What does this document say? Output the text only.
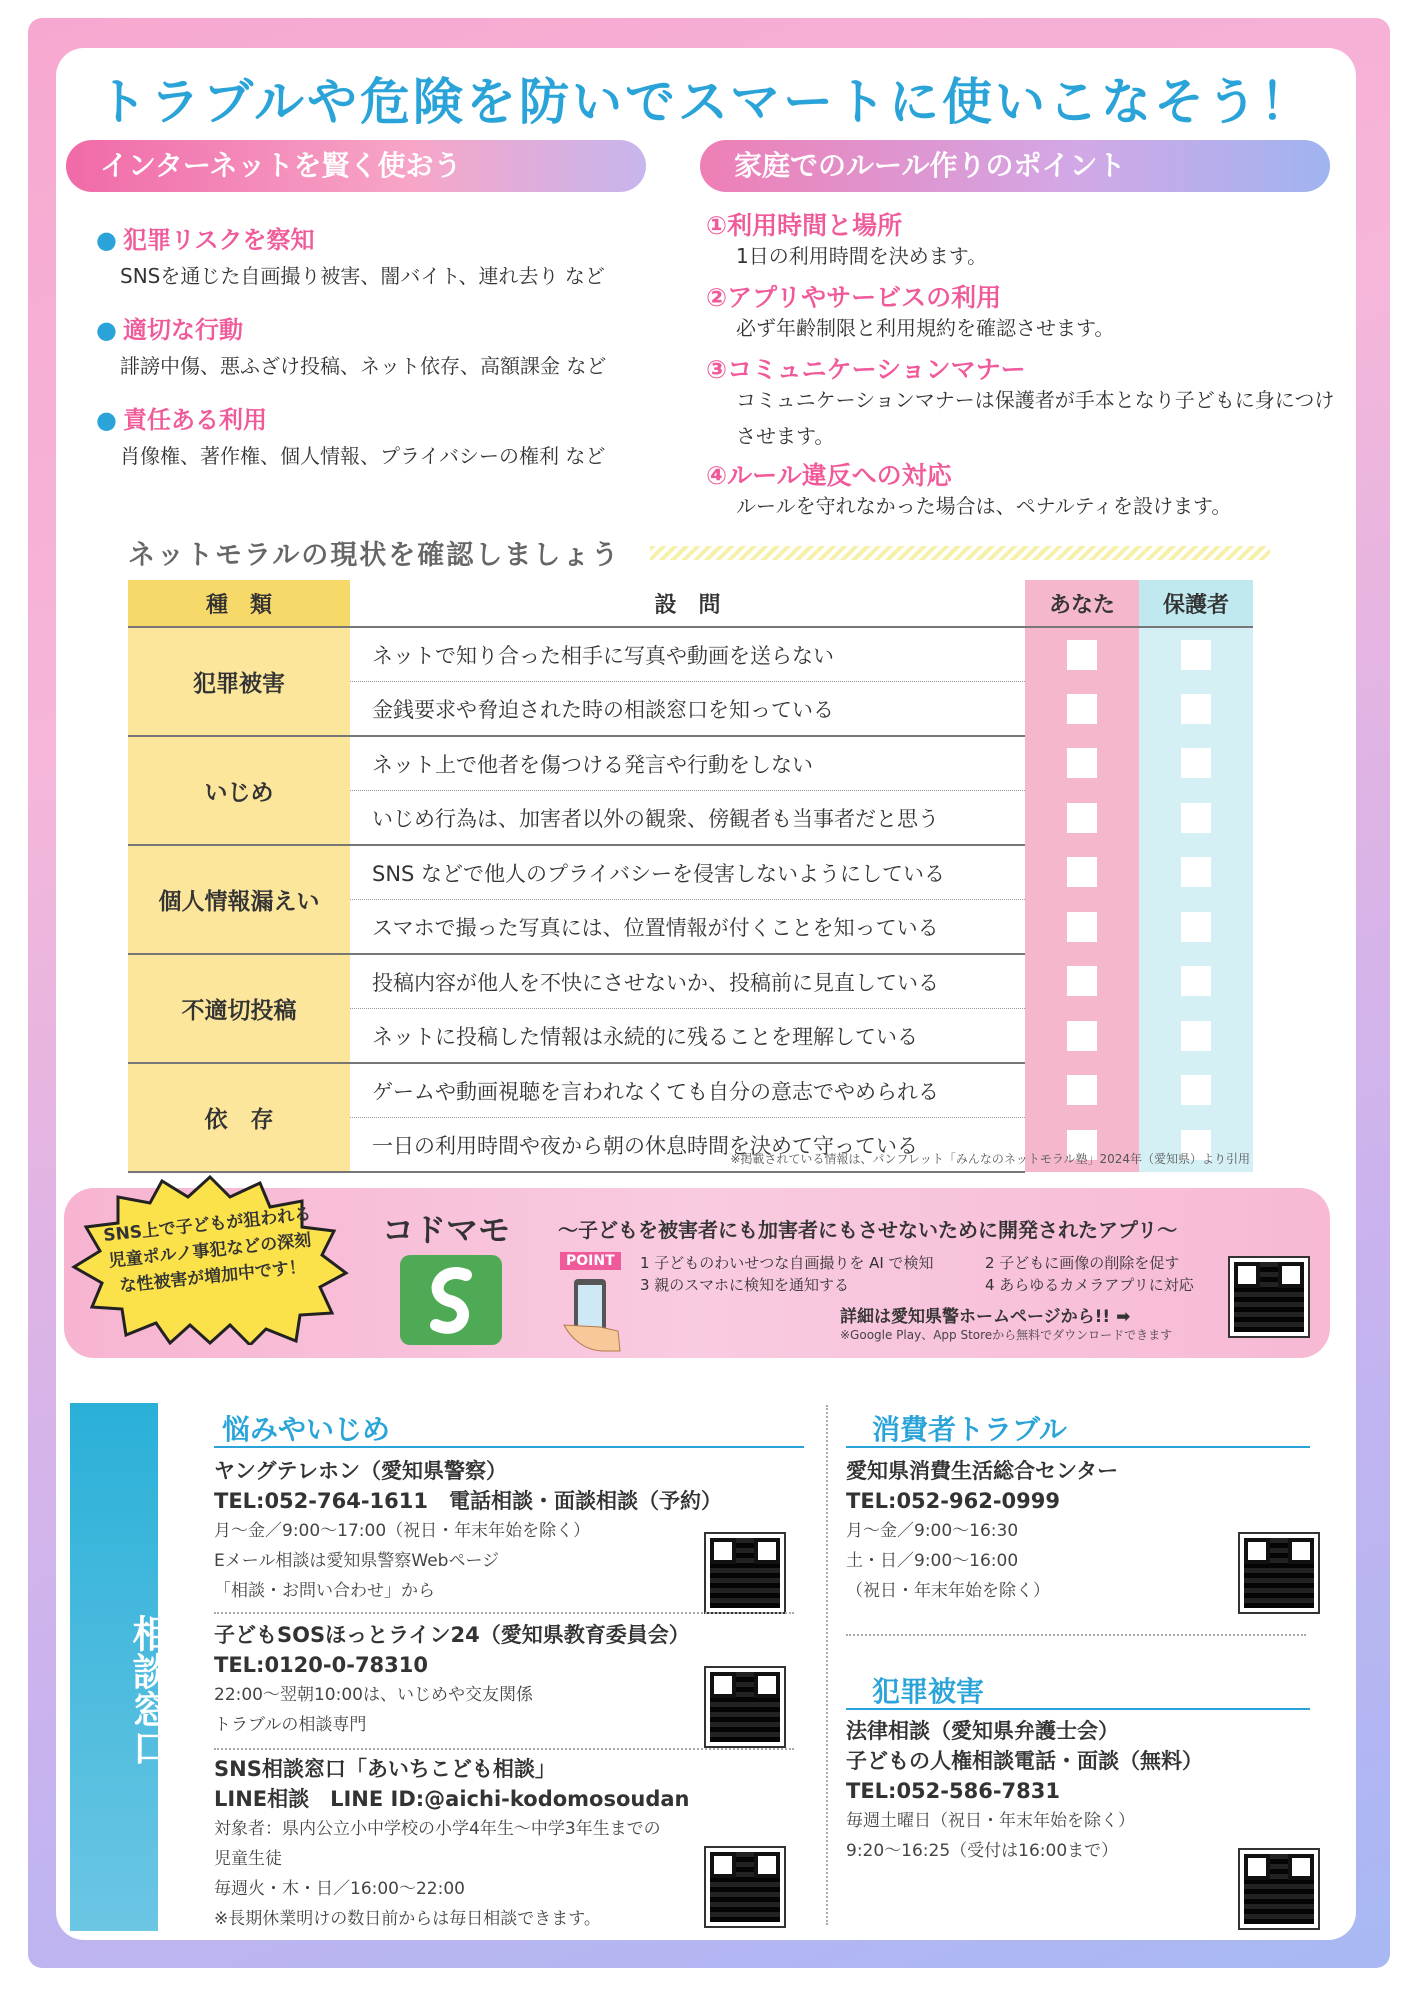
トラブルや危険を防いでスマートに使いこなそう！
インターネットを賢く使おう
● 犯罪リスクを察知
SNSを通じた自画撮り被害、闇バイト、連れ去り など
● 適切な行動
誹謗中傷、悪ふざけ投稿、ネット依存、高額課金 など
● 責任ある利用
肖像権、著作権、個人情報、プライバシーの権利 など
家庭でのルール作りのポイント
①利用時間と場所
1日の利用時間を決めます。
②アプリやサービスの利用
必ず年齢制限と利用規約を確認させます。
③コミュニケーションマナー
コミュニケーションマナーは保護者が手本となり子どもに身につけさせます。
④ルール違反への対応
ルールを守れなかった場合は、ペナルティを設けます。
ネットモラルの現状を確認しましょう
種　類	設　問	あなた	保護者
犯罪被害	ネットで知り合った相手に写真や動画を送らない		
	金銭要求や脅迫された時の相談窓口を知っている		
いじめ	ネット上で他者を傷つける発言や行動をしない		
	いじめ行為は、加害者以外の観衆、傍観者も当事者だと思う		
個人情報漏えい	SNS などで他人のプライバシーを侵害しないようにしている		
	スマホで撮った写真には、位置情報が付くことを知っている		
不適切投稿	投稿内容が他人を不快にさせないか、投稿前に見直している		
	ネットに投稿した情報は永続的に残ることを理解している		
依　存	ゲームや動画視聴を言われなくても自分の意志でやめられる		
	一日の利用時間や夜から朝の休息時間を決めて守っている		
※掲載されている情報は、パンフレット「みんなのネットモラル塾」2024年（愛知県）より引用
SNS上で子どもが狙われる児童ポルノ事犯などの深刻な性被害が増加中です！
コドマモ ～子どもを被害者にも加害者にもさせないために開発されたアプリ～
POINT	1 子どものわいせつな自画撮りを AI で検知	2 子どもに画像の削除を促す
3 親のスマホに検知を通知する	4 あらゆるカメラアプリに対応
詳細は愛知県警ホームページから!! ➡
※Google Play、App Storeから無料でダウンロードできます
相談窓口
悩みやいじめ
ヤングテレホン（愛知県警察）
TEL:052-764-1611　電話相談・面談相談（予約）
月～金／9:00～17:00（祝日・年末年始を除く）
Eメール相談は愛知県警察Webページ
「相談・お問い合わせ」から
子どもSOSほっとライン24（愛知県教育委員会）
TEL:0120-0-78310
22:00～翌朝10:00は、いじめや交友関係
トラブルの相談専門
SNS相談窓口「あいちこども相談」
LINE相談　LINE ID:@aichi-kodomosoudan
対象者：県内公立小中学校の小学4年生～中学3年生までの
児童生徒
毎週火・木・日／16:00～22:00
※長期休業明けの数日前からは毎日相談できます。
消費者トラブル
愛知県消費生活総合センター
TEL:052-962-0999
月～金／9:00～16:30
土・日／9:00～16:00
（祝日・年末年始を除く）
犯罪被害
法律相談（愛知県弁護士会）
子どもの人権相談電話・面談（無料）
TEL:052-586-7831
毎週土曜日（祝日・年末年始を除く）
9:20～16:25（受付は16:00まで）
